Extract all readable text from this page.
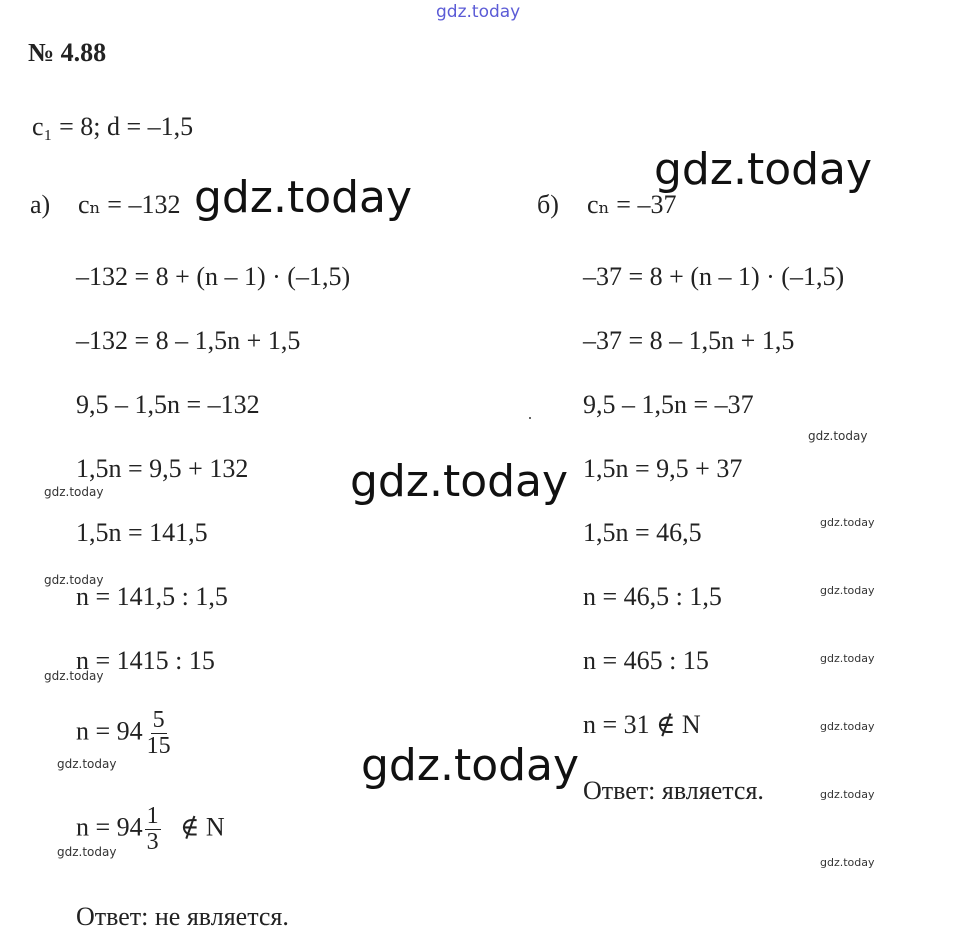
gdz.today
№ 4.88
c₁ = 8; d = –1,5
а) cₙ = –132	б) cₙ = –37
–132 = 8 + (n – 1) · (–1,5)
–132 = 8 – 1,5n + 1,5
9,5 – 1,5n = –132
1,5n = 9,5 + 132
1,5n = 141,5
n = 141,5 : 1,5
n = 1415 : 15
$n = 94 \frac{5}{15}$
$n = 94 \frac{1}{3}$ ∉ N
Ответ: не является.
–37 = 8 + (n – 1) · (–1,5)
–37 = 8 – 1,5n + 1,5
9,5 – 1,5n = –37
1,5n = 9,5 + 37
1,5n = 46,5
n = 46,5 : 1,5
n = 465 : 15
n = 31 ∉ N
Ответ: является.
gdz.today
gdz.today
gdz.today
gdz.today
gdz.today
gdz.today
gdz.today
gdz.today
gdz.today
gdz.today
gdz.today
gdz.today
gdz.today
gdz.today
gdz.today
gdz.today
